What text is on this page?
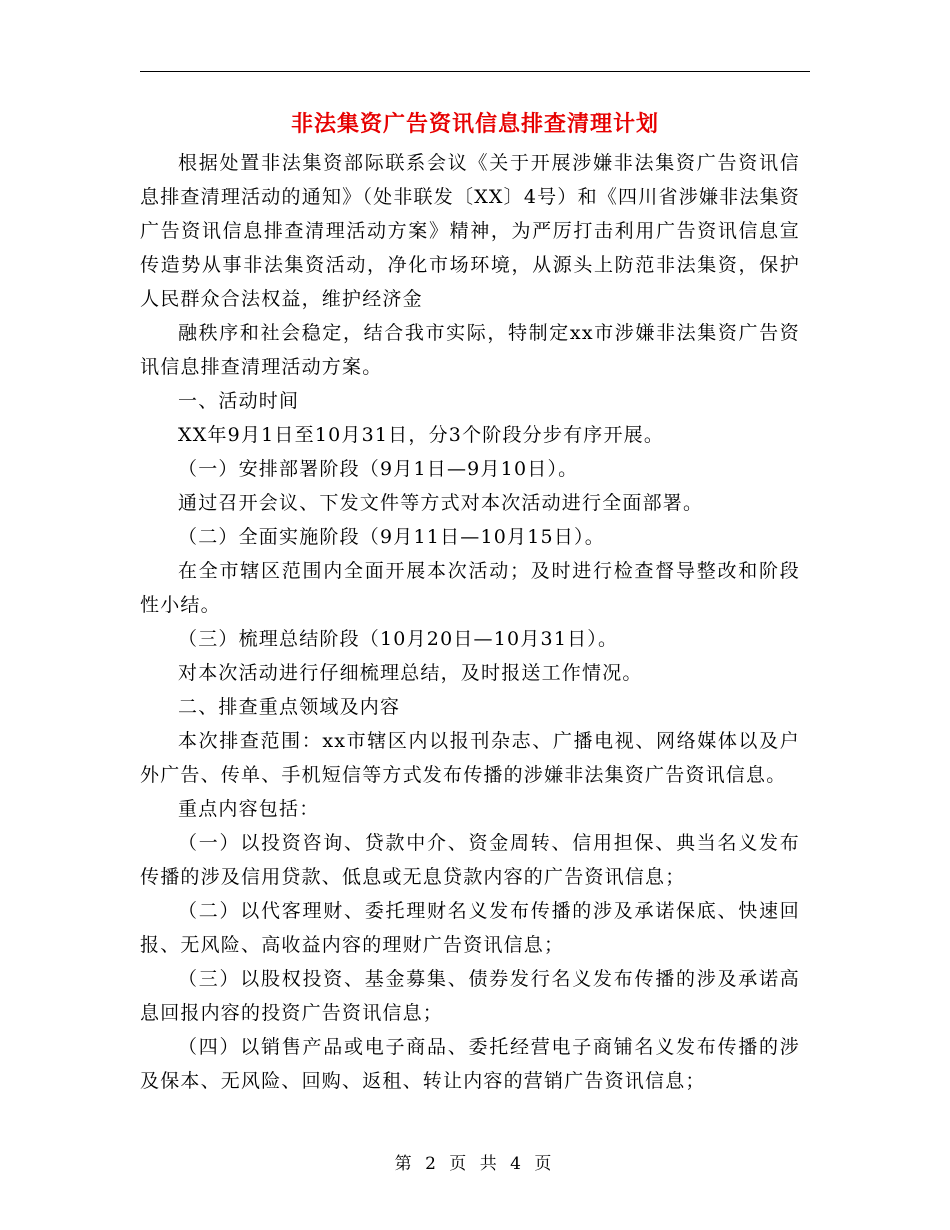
非法集资广告资讯信息排查清理计划

根据处置非法集资部际联系会议《关于开展涉嫌非法集资广告资讯信息排查清理活动的通知》（处非联发〔XX〕4号）和《四川省涉嫌非法集资广告资讯信息排查清理活动方案》精神，为严厉打击利用广告资讯信息宣传造势从事非法集资活动，净化市场环境，从源头上防范非法集资，保护人民群众合法权益，维护经济金

融秩序和社会稳定，结合我市实际，特制定xx市涉嫌非法集资广告资讯信息排查清理活动方案。

一、活动时间

XX年9月1日至10月31日，分3个阶段分步有序开展。

（一）安排部署阶段（9月1日—9月10日）。

通过召开会议、下发文件等方式对本次活动进行全面部署。

（二）全面实施阶段（9月11日—10月15日）。

在全市辖区范围内全面开展本次活动；及时进行检查督导整改和阶段性小结。

（三）梳理总结阶段（10月20日—10月31日）。

对本次活动进行仔细梳理总结，及时报送工作情况。

二、排查重点领域及内容

本次排查范围：xx市辖区内以报刊杂志、广播电视、网络媒体以及户外广告、传单、手机短信等方式发布传播的涉嫌非法集资广告资讯信息。

重点内容包括：

（一）以投资咨询、贷款中介、资金周转、信用担保、典当名义发布传播的涉及信用贷款、低息或无息贷款内容的广告资讯信息；

（二）以代客理财、委托理财名义发布传播的涉及承诺保底、快速回报、无风险、高收益内容的理财广告资讯信息；

（三）以股权投资、基金募集、债券发行名义发布传播的涉及承诺高息回报内容的投资广告资讯信息；

（四）以销售产品或电子商品、委托经营电子商铺名义发布传播的涉及保本、无风险、回购、返租、转让内容的营销广告资讯信息；

第 2 页 共 4 页
